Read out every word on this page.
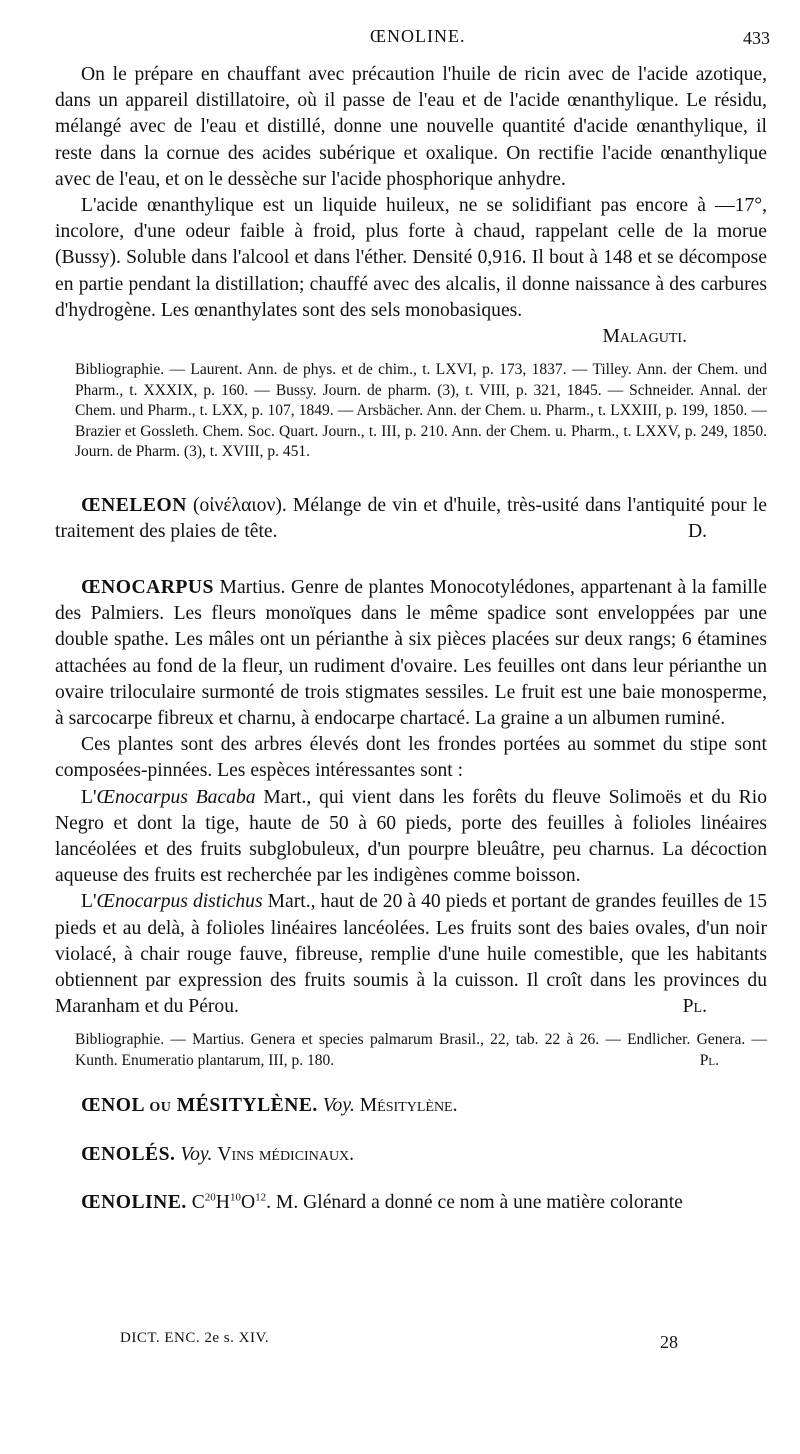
ŒNOLINE.	433

On le prépare en chauffant avec précaution l'huile de ricin avec de l'acide azotique, dans un appareil distillatoire, où il passe de l'eau et de l'acide œnanthylique. Le résidu, mélangé avec de l'eau et distillé, donne une nouvelle quantité d'acide œnanthylique, il reste dans la cornue des acides subérique et oxalique. On rectifie l'acide œnanthylique avec de l'eau, et on le dessèche sur l'acide phosphorique anhydre.

L'acide œnanthylique est un liquide huileux, ne se solidifiant pas encore à —17°, incolore, d'une odeur faible à froid, plus forte à chaud, rappelant celle de la morue (Bussy). Soluble dans l'alcool et dans l'éther. Densité 0,916. Il bout à 148 et se décompose en partie pendant la distillation; chauffé avec des alcalis, il donne naissance à des carbures d'hydrogène. Les œnanthylates sont des sels monobasiques.

Malaguti.

Bibliographie. — Laurent. Ann. de phys. et de chim., t. LXVI, p. 173, 1837. — Tilley. Ann. der Chem. und Pharm., t. XXXIX, p. 160. — Bussy. Journ. de pharm. (3), t. VIII, p. 321, 1845. — Schneider. Annal. der Chem. und Pharm., t. LXX, p. 107, 1849. — Arsbächer. Ann. der Chem. u. Pharm., t. LXXIII, p. 199, 1850. — Brazier et Gossleth. Chem. Soc. Quart. Journ., t. III, p. 210. Ann. der Chem. u. Pharm., t. LXXV, p. 249, 1850. Journ. de Pharm. (3), t. XVIII, p. 451.

ŒNELEON (οἰνέλαιον). Mélange de vin et d'huile, très-usité dans l'antiquité pour le traitement des plaies de tête.	D.

ŒNOCARPUS Martius. Genre de plantes Monocotylédones, appartenant à la famille des Palmiers. Les fleurs monoïques dans le même spadice sont enveloppées par une double spathe. Les mâles ont un périanthe à six pièces placées sur deux rangs; 6 étamines attachées au fond de la fleur, un rudiment d'ovaire. Les feuilles ont dans leur périanthe un ovaire triloculaire surmonté de trois stigmates sessiles. Le fruit est une baie monosperme, à sarcocarpe fibreux et charnu, à endocarpe chartacé. La graine a un albumen ruminé.

Ces plantes sont des arbres élevés dont les frondes portées au sommet du stipe sont composées-pinnées. Les espèces intéressantes sont :

L'Œnocarpus Bacaba Mart., qui vient dans les forêts du fleuve Solimoës et du Rio Negro et dont la tige, haute de 50 à 60 pieds, porte des feuilles à folioles linéaires lancéolées et des fruits subglobuleux, d'un pourpre bleuâtre, peu charnus. La décoction aqueuse des fruits est recherchée par les indigènes comme boisson.

L'Œnocarpus distichus Mart., haut de 20 à 40 pieds et portant de grandes feuilles de 15 pieds et au delà, à folioles linéaires lancéolées. Les fruits sont des baies ovales, d'un noir violacé, à chair rouge fauve, fibreuse, remplie d'une huile comestible, que les habitants obtiennent par expression des fruits soumis à la cuisson. Il croît dans les provinces du Maranham et du Pérou.	Pl.

Bibliographie. — Martius. Genera et species palmarum Brasil., 22, tab. 22 à 26. — Endlicher. Genera. — Kunth. Enumeratio plantarum, III, p. 180.	Pl.

ŒNOL ou MÉSITYLÈNE. Voy. Mésitylène.

ŒNOLÉS. Voy. Vins médicinaux.

ŒNOLINE. $C^{20}H^{10}O^{12}$. M. Glénard a donné ce nom à une matière colorante

DICT. ENC. 2e s. XIV.	28
